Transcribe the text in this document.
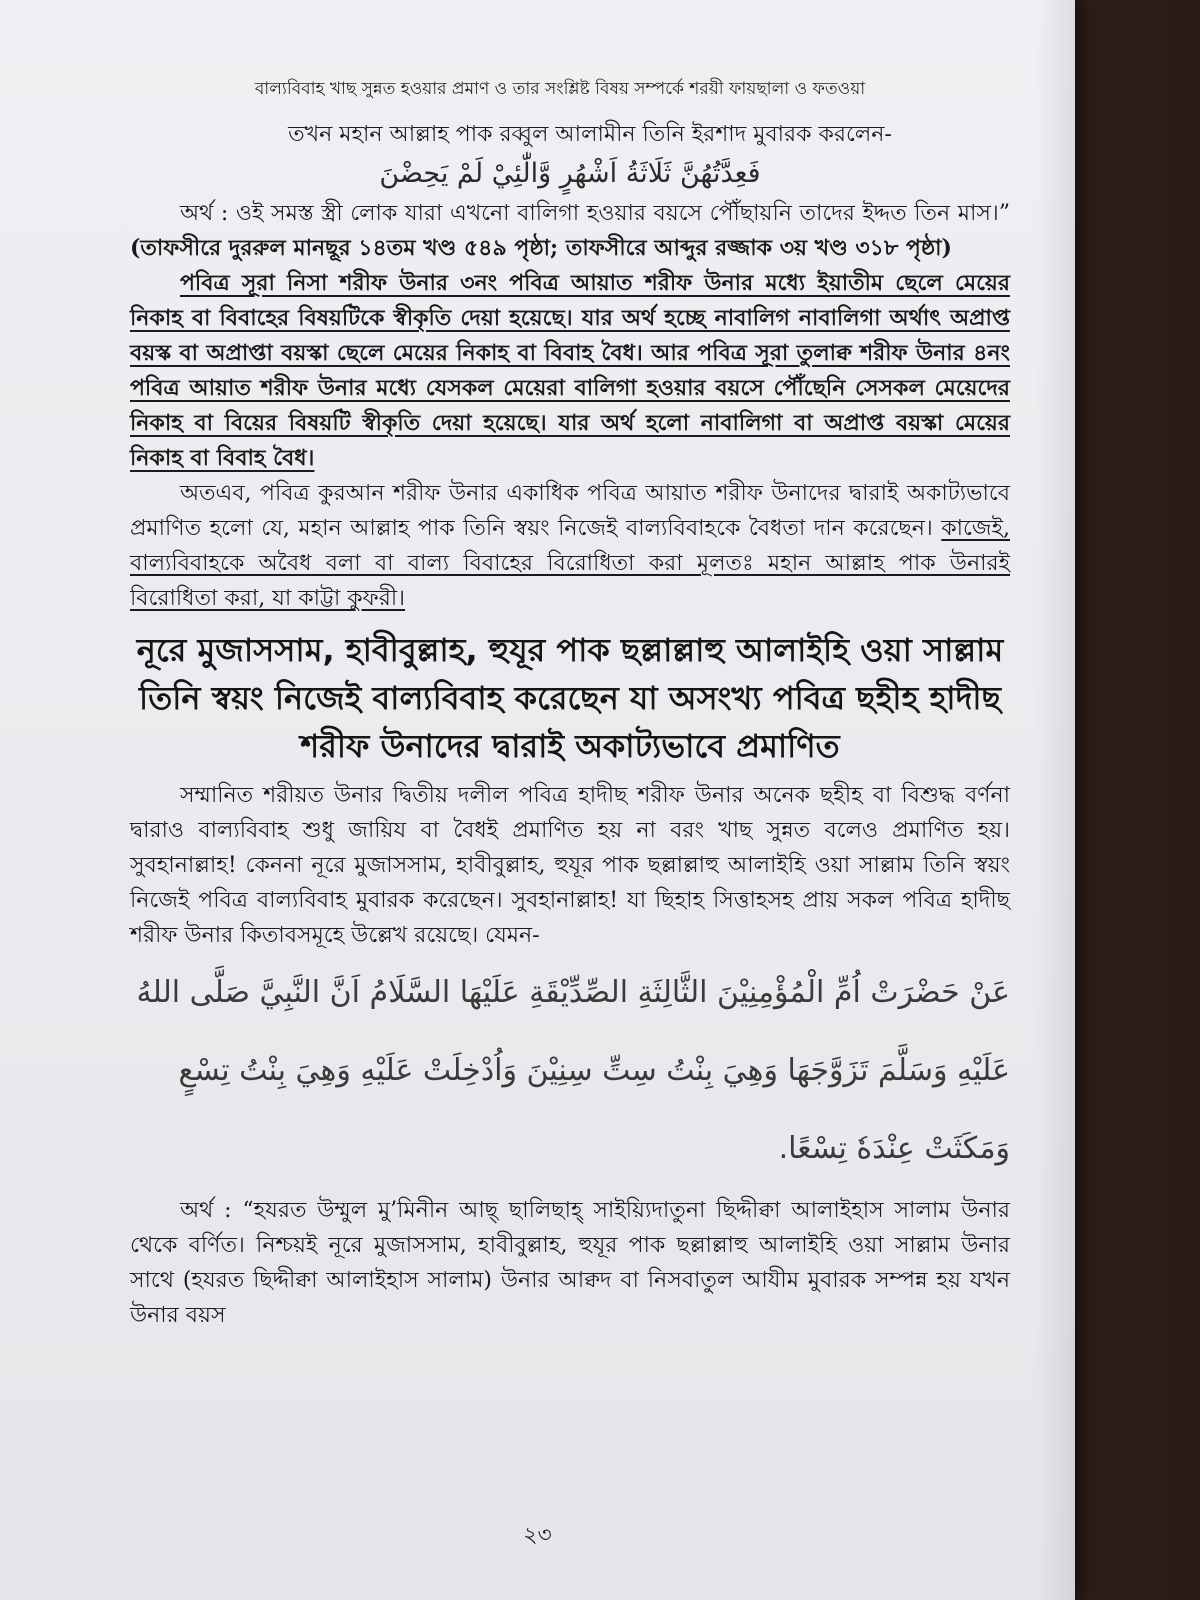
বাল্যবিবাহ খাছ সুন্নত হওয়ার প্রমাণ ও তার সংশ্লিষ্ট বিষয় সম্পর্কে শরয়ী ফায়ছালা ও ফতওয়া

তখন মহান আল্লাহ পাক রব্বুল আলামীন তিনি ইরশাদ মুবারক করলেন-

فَعِدَّتُهُنَّ ثَلَاثَةُ اَشْهُرٍ وَّالّٰئِيْ لَمْ يَحِضْنَ

অর্থ : ওই সমস্ত স্ত্রী লোক যারা এখনো বালিগা হওয়ার বয়সে পৌঁছায়নি তাদের ইদ্দত তিন মাস।” (তাফসীরে দুররুল মানছূর ১৪তম খণ্ড ৫৪৯ পৃষ্ঠা; তাফসীরে আব্দুর রজ্জাক ৩য় খণ্ড ৩১৮ পৃষ্ঠা)

পবিত্র সূরা নিসা শরীফ উনার ৩নং পবিত্র আয়াত শরীফ উনার মধ্যে ইয়াতীম ছেলে মেয়ের নিকাহ বা বিবাহের বিষয়টিকে স্বীকৃতি দেয়া হয়েছে। যার অর্থ হচ্ছে নাবালিগ নাবালিগা অর্থাৎ অপ্রাপ্ত বয়স্ক বা অপ্রাপ্তা বয়স্কা ছেলে মেয়ের নিকাহ বা বিবাহ বৈধ। আর পবিত্র সূরা তুলাক্ব শরীফ উনার ৪নং পবিত্র আয়াত শরীফ উনার মধ্যে যেসকল মেয়েরা বালিগা হওয়ার বয়সে পৌঁছেনি সেসকল মেয়েদের নিকাহ বা বিয়ের বিষয়টি স্বীকৃতি দেয়া হয়েছে। যার অর্থ হলো নাবালিগা বা অপ্রাপ্ত বয়স্কা মেয়ের নিকাহ বা বিবাহ বৈধ।

অতএব, পবিত্র কুরআন শরীফ উনার একাধিক পবিত্র আয়াত শরীফ উনাদের দ্বারাই অকাট্যভাবে প্রমাণিত হলো যে, মহান আল্লাহ পাক তিনি স্বয়ং নিজেই বাল্যবিবাহকে বৈধতা দান করেছেন। কাজেই, বাল্যবিবাহকে অবৈধ বলা বা বাল্য বিবাহের বিরোধিতা করা মূলতঃ মহান আল্লাহ পাক উনারই বিরোধিতা করা, যা কাট্টা কুফরী।

নূরে মুজাসসাম, হাবীবুল্লাহ, হুযূর পাক ছল্লাল্লাহু আলাইহি ওয়া সাল্লাম তিনি স্বয়ং নিজেই বাল্যবিবাহ করেছেন যা অসংখ্য পবিত্র ছহীহ হাদীছ শরীফ উনাদের দ্বারাই অকাট্যভাবে প্রমাণিত

সম্মানিত শরীয়ত উনার দ্বিতীয় দলীল পবিত্র হাদীছ শরীফ উনার অনেক ছহীহ বা বিশুদ্ধ বর্ণনা দ্বারাও বাল্যবিবাহ শুধু জায়িয বা বৈধই প্রমাণিত হয় না বরং খাছ সুন্নত বলেও প্রমাণিত হয়। সুবহানাল্লাহ! কেননা নূরে মুজাসসাম, হাবীবুল্লাহ, হুযূর পাক ছল্লাল্লাহু আলাইহি ওয়া সাল্লাম তিনি স্বয়ং নিজেই পবিত্র বাল্যবিবাহ মুবারক করেছেন। সুবহানাল্লাহ! যা ছিহাহ সিত্তাহসহ প্রায় সকল পবিত্র হাদীছ শরীফ উনার কিতাবসমূহে উল্লেখ রয়েছে। যেমন-

عَنْ حَضْرَتْ اُمِّ الْمُؤْمِنِيْنَ الثَّالِثَةِ الصِّدِّيْقَةِ عَلَيْهَا السَّلَامُ اَنَّ النَّبِيَّ صَلَّى اللهُ

عَلَيْهِ وَسَلَّمَ تَزَوَّجَهَا وَهِيَ بِنْتُ سِتِّ سِنِيْنَ وَاُدْخِلَتْ عَلَيْهِ وَهِيَ بِنْتُ تِسْعٍ

وَمَكَثَتْ عِنْدَهٗ تِسْعًا.

অর্থ : “হযরত উম্মুল মু’মিনীন আছ্ ছালিছাহ্ সাইয়্যিদাতুনা ছিদ্দীক্বা আলাইহাস সালাম উনার থেকে বর্ণিত। নিশ্চয়ই নূরে মুজাসসাম, হাবীবুল্লাহ, হুযূর পাক ছল্লাল্লাহু আলাইহি ওয়া সাল্লাম উনার সাথে (হযরত ছিদ্দীক্বা আলাইহাস সালাম) উনার আক্বদ বা নিসবাতুল আযীম মুবারক সম্পন্ন হয় যখন উনার বয়স

২৩
